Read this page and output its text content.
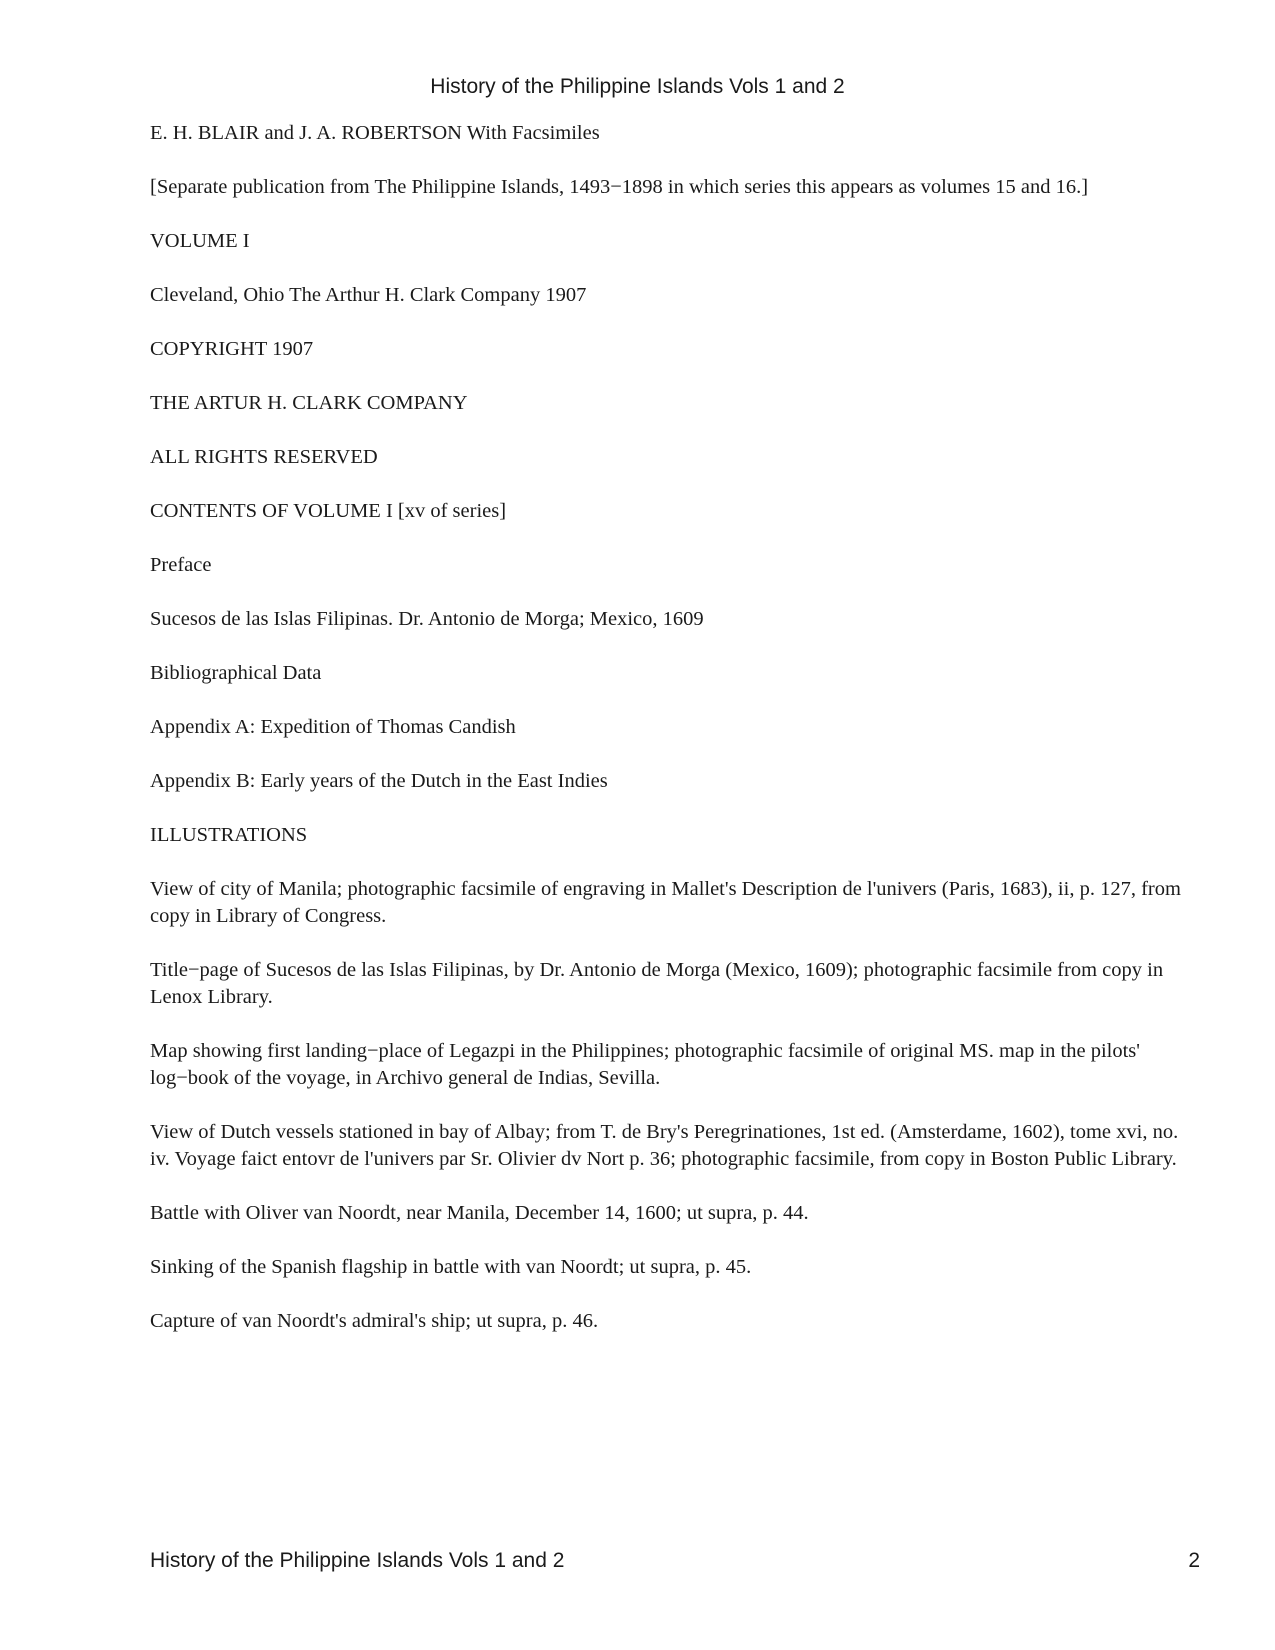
History of the Philippine Islands Vols 1 and 2

E. H. BLAIR and J. A. ROBERTSON With Facsimiles

[Separate publication from The Philippine Islands, 1493−1898 in which series this appears as volumes 15 and 16.]

VOLUME I

Cleveland, Ohio The Arthur H. Clark Company 1907

COPYRIGHT 1907

THE ARTUR H. CLARK COMPANY

ALL RIGHTS RESERVED

CONTENTS OF VOLUME I [xv of series]

Preface

Sucesos de las Islas Filipinas. Dr. Antonio de Morga; Mexico, 1609

Bibliographical Data

Appendix A: Expedition of Thomas Candish

Appendix B: Early years of the Dutch in the East Indies

ILLUSTRATIONS

View of city of Manila; photographic facsimile of engraving in Mallet's Description de l'univers (Paris, 1683), ii, p. 127, from copy in Library of Congress.

Title−page of Sucesos de las Islas Filipinas, by Dr. Antonio de Morga (Mexico, 1609); photographic facsimile from copy in Lenox Library.

Map showing first landing−place of Legazpi in the Philippines; photographic facsimile of original MS. map in the pilots' log−book of the voyage, in Archivo general de Indias, Sevilla.

View of Dutch vessels stationed in bay of Albay; from T. de Bry's Peregrinationes, 1st ed. (Amsterdame, 1602), tome xvi, no. iv. Voyage faict entovr de l'univers par Sr. Olivier dv Nort p. 36; photographic facsimile, from copy in Boston Public Library.

Battle with Oliver van Noordt, near Manila, December 14, 1600; ut supra, p. 44.

Sinking of the Spanish flagship in battle with van Noordt; ut supra, p. 45.

Capture of van Noordt's admiral's ship; ut supra, p. 46.

History of the Philippine Islands Vols 1 and 2	2
